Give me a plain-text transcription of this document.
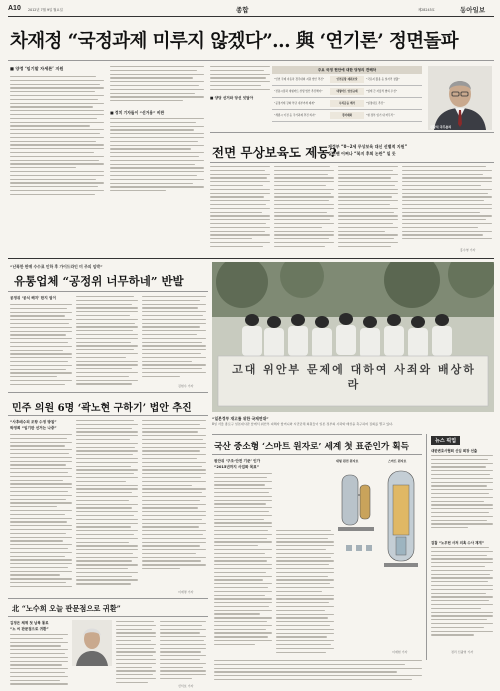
A10 2012년 7월 9일 월요일	종합	제28245호	동아일보
차재정 “국정과제 미루지 않겠다”… 與 ‘연기론’ 정면돌파
■ 양정 ‘임기말 자세론’ 지원
■ 정치 기자들이 “선거용” 비판
■ 양당 선거와 당선 잇달아
주요 국정 현안에 대한 당청의 견해차
“인천 국제 자동차 경주대회 지원 법안 추진”	인천공항 재원조달	“국유지 활용 등 일자리 창출”
“전통시장과 대형마트 상생 법안 추진해야”	대형마트 영업규제	“업계 간 자율적 협의 우선”
“공정거래 강화 부당 내부거래 제재”	우리금융 매각	“일정대로 추진”
“세종시 이전 등 국가과제 추진 의지”	경자제화	“현 정부 임기 내 마무리”
김황식 국무총리
전면 무상보육도 제동?
재정부 “0∼2세 무상보육 대신 선별적 지원”
실현땐 어쩌나 “복지 후퇴 논란” 일 듯
홍수영 기자
“난폭한 판매 수수료 인하 후 가이드라인 미 주의 임박”
유통업체 “공정위 너무하네” 반발
공정위 ‘공식 해지’ 한지 엄이
김현수 기자
고대 위안부 문제에 대하여 사죄와 배상하라
“일본정부 재고를 위한 국제연대”
8일 서울 종로구 일본대사관 앞에서 위안부 피해자 할머니와 시민단체 회원들이 일본 정부의 사과와 배상을 촉구하며 집회를 열고 있다.
민주 의원 6명 ‘곽노현 구하기’ 법안 추진
“사후매수죄 조항 수정 방침”
박정희 “임기판 선거는 나중”
이재명 기자
국산 중소형 ‘스마트 원자로’ 세계 첫 표준인가 획득
원안위 ‘구조·안전 기준’ 인가
“2015년까지 사업화 목표”
대형 원전 원자로	스마트 원자로
이재현 기자
뉴스 픽업
대한변호사협회 신임 회장 선출
검찰 “노무현 사저 의혹 수사 재개”
정리 신광영 기자
北 “노수희 오늘 판문점으로 귀환”
김정은 체제 첫 남북 통로
“노 씨 판문점으로 귀환”
신석호 기자
